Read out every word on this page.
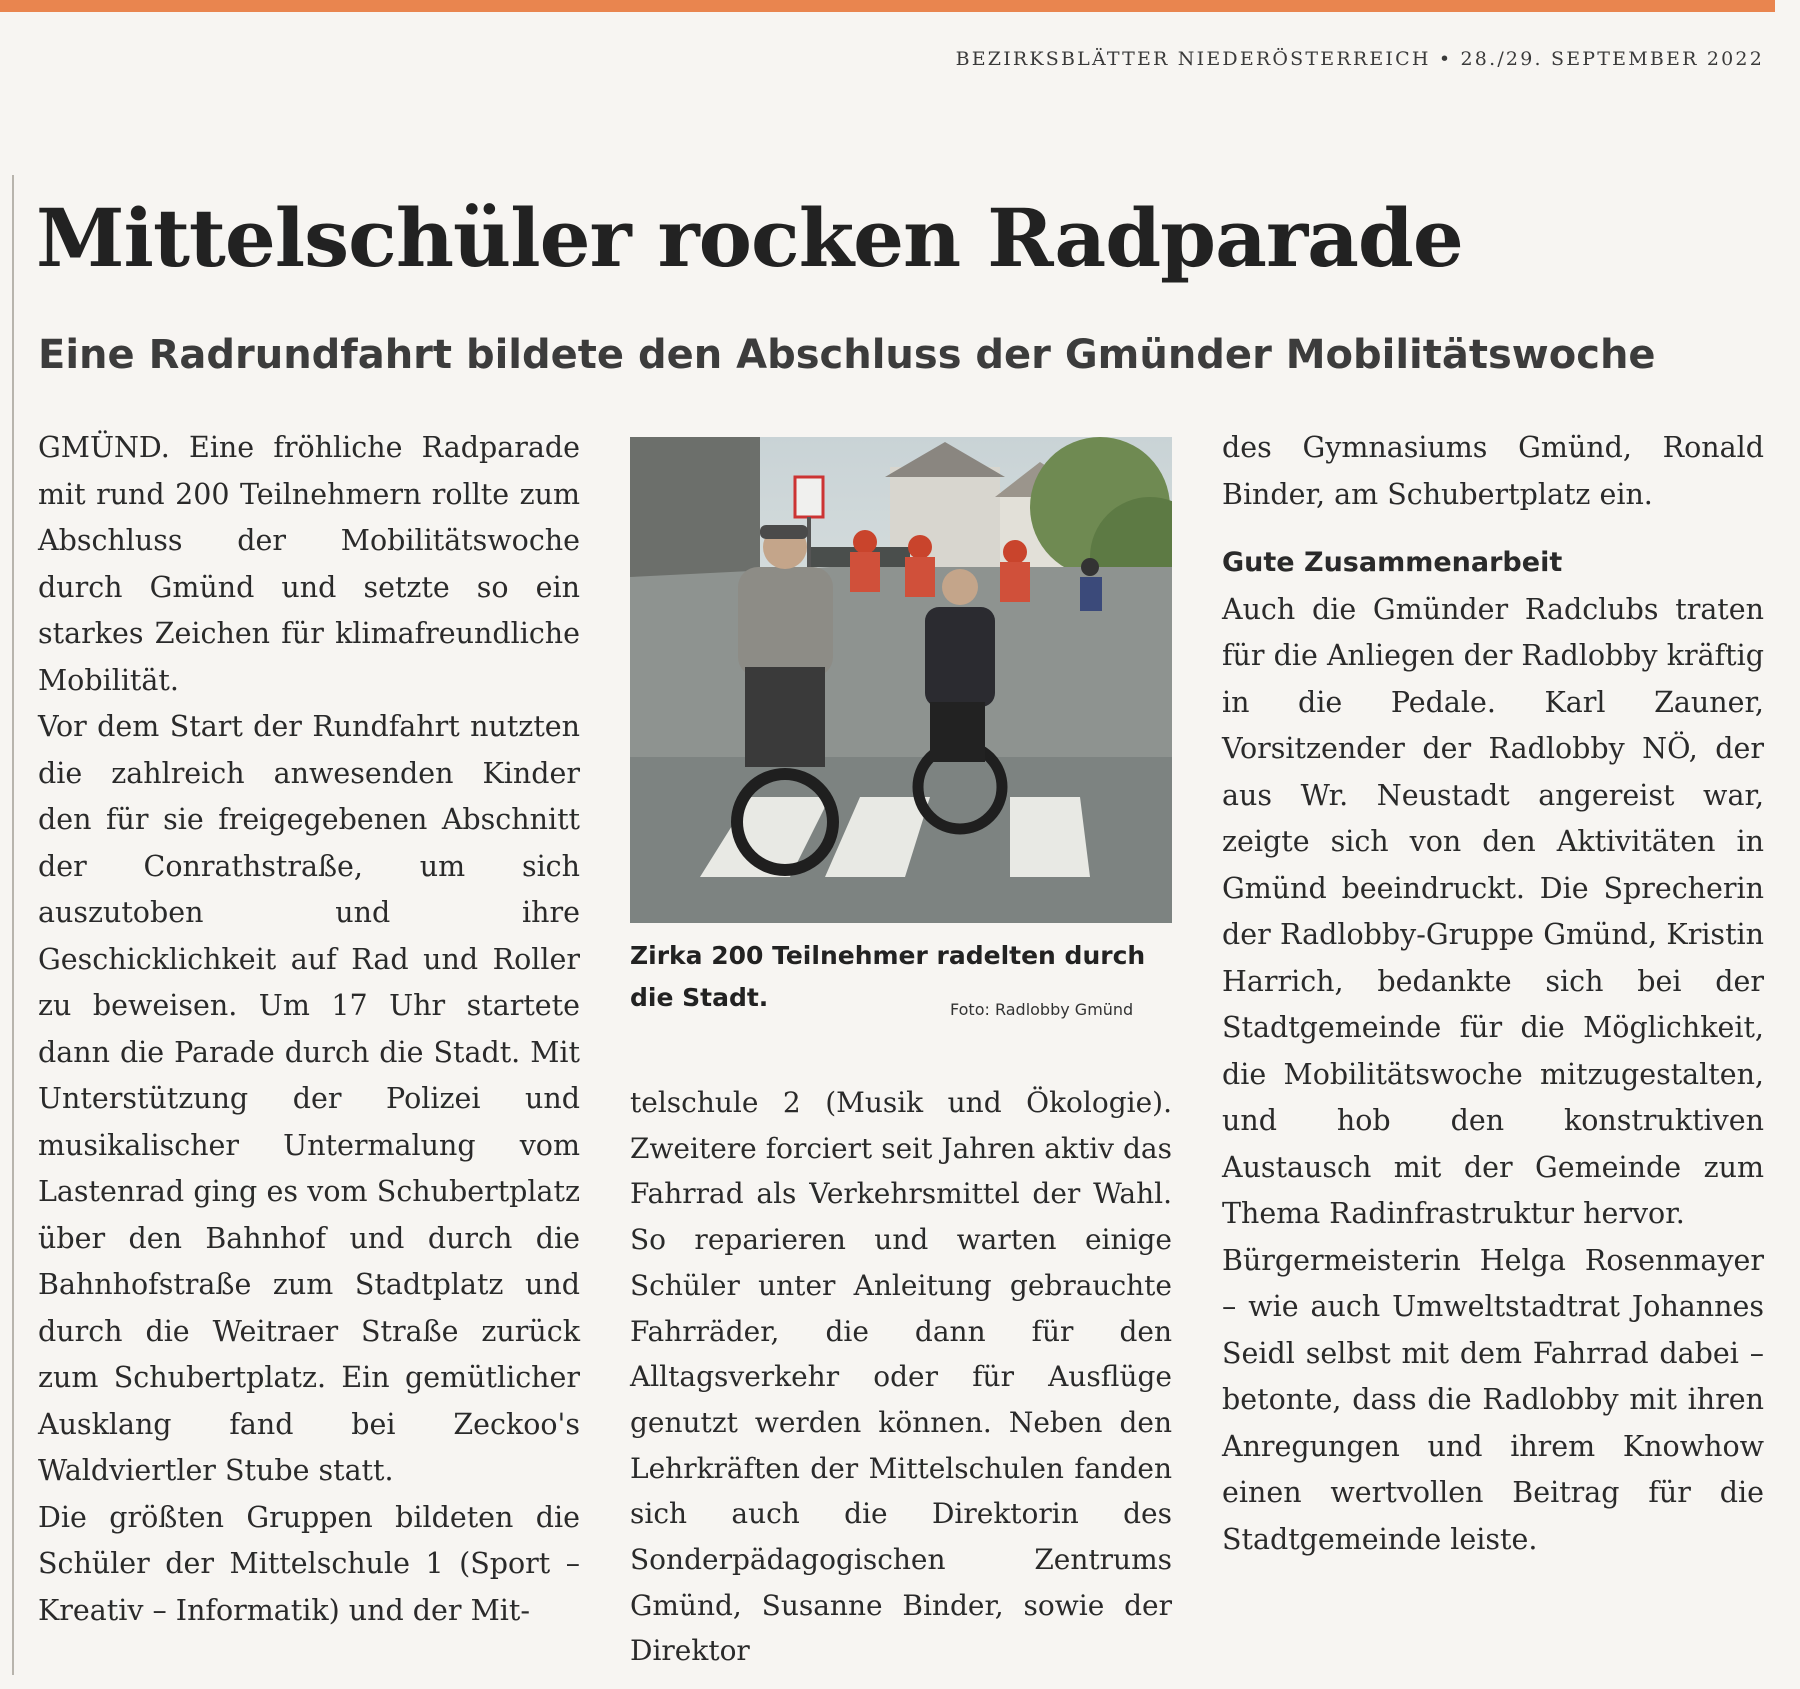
BEZIRKSBLÄTTER NIEDERÖSTERREICH • 28./29. SEPTEMBER 2022
Mittelschüler rocken Radparade
Eine Radrundfahrt bildete den Abschluss der Gmünder Mobilitätswoche

GMÜND. Eine fröhliche Radparade mit rund 200 Teilnehmern rollte zum Abschluss der Mobilitätswoche durch Gmünd und setzte so ein starkes Zeichen für klimafreundliche Mobilität.

Vor dem Start der Rundfahrt nutzten die zahlreich anwesenden Kinder den für sie freigegebenen Abschnitt der Conrathstraße, um sich auszutoben und ihre Geschicklichkeit auf Rad und Roller zu beweisen. Um 17 Uhr startete dann die Parade durch die Stadt. Mit Unterstützung der Polizei und musikalischer Untermalung vom Lastenrad ging es vom Schubertplatz über den Bahnhof und durch die Bahnhofstraße zum Stadtplatz und durch die Weitraer Straße zurück zum Schubertplatz. Ein gemütlicher Ausklang fand bei Zeckoo's Waldviertler Stube statt.

Die größten Gruppen bildeten die Schüler der Mittelschule 1 (Sport – Kreativ – Informatik) und der Mit-

Zirka 200 Teilnehmer radelten durch die Stadt.	Foto: Radlobby Gmünd

telschule 2 (Musik und Ökologie). Zweitere forciert seit Jahren aktiv das Fahrrad als Verkehrsmittel der Wahl. So reparieren und warten einige Schüler unter Anleitung gebrauchte Fahrräder, die dann für den Alltagsverkehr oder für Ausflüge genutzt werden können. Neben den Lehrkräften der Mittelschulen fanden sich auch die Direktorin des Sonderpädagogischen Zentrums Gmünd, Susanne Binder, sowie der Direktor

des Gymnasiums Gmünd, Ronald Binder, am Schubertplatz ein.

Gute Zusammenarbeit

Auch die Gmünder Radclubs traten für die Anliegen der Radlobby kräftig in die Pedale. Karl Zauner, Vorsitzender der Radlobby NÖ, der aus Wr. Neustadt angereist war, zeigte sich von den Aktivitäten in Gmünd beeindruckt. Die Sprecherin der Radlobby-Gruppe Gmünd, Kristin Harrich, bedankte sich bei der Stadtgemeinde für die Möglichkeit, die Mobilitätswoche mitzugestalten, und hob den konstruktiven Austausch mit der Gemeinde zum Thema Radinfrastruktur hervor.

Bürgermeisterin Helga Rosenmayer – wie auch Umweltstadtrat Johannes Seidl selbst mit dem Fahrrad dabei – betonte, dass die Radlobby mit ihren Anregungen und ihrem Knowhow einen wertvollen Beitrag für die Stadtgemeinde leiste.
